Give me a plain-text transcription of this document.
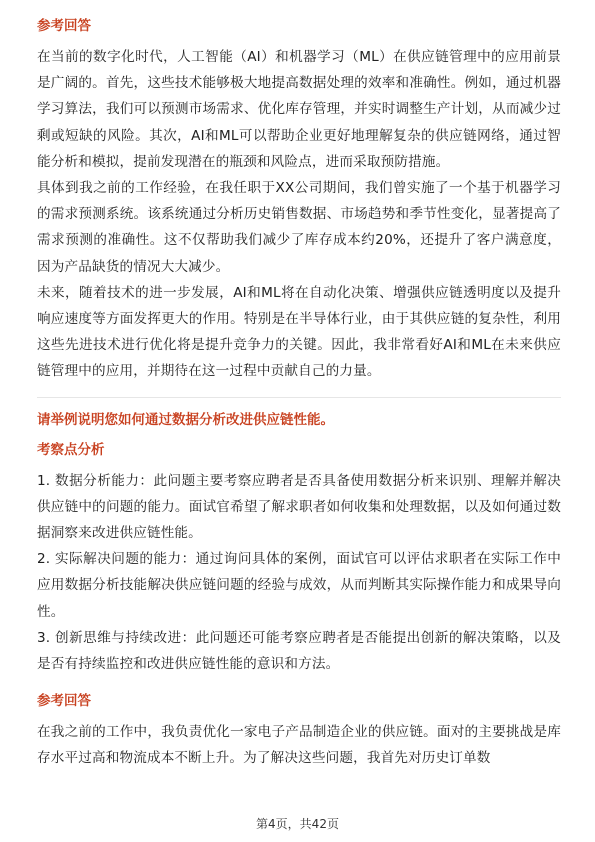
参考回答

在当前的数字化时代，人工智能（AI）和机器学习（ML）在供应链管理中的应用前景是广阔的。首先，这些技术能够极大地提高数据处理的效率和准确性。例如，通过机器学习算法，我们可以预测市场需求、优化库存管理，并实时调整生产计划，从而减少过剩或短缺的风险。其次，AI和ML可以帮助企业更好地理解复杂的供应链网络，通过智能分析和模拟，提前发现潜在的瓶颈和风险点，进而采取预防措施。

具体到我之前的工作经验，在我任职于XX公司期间，我们曾实施了一个基于机器学习的需求预测系统。该系统通过分析历史销售数据、市场趋势和季节性变化，显著提高了需求预测的准确性。这不仅帮助我们减少了库存成本约20%，还提升了客户满意度，因为产品缺货的情况大大减少。

未来，随着技术的进一步发展，AI和ML将在自动化决策、增强供应链透明度以及提升响应速度等方面发挥更大的作用。特别是在半导体行业，由于其供应链的复杂性，利用这些先进技术进行优化将是提升竞争力的关键。因此，我非常看好AI和ML在未来供应链管理中的应用，并期待在这一过程中贡献自己的力量。

请举例说明您如何通过数据分析改进供应链性能。

考察点分析

1. 数据分析能力：此问题主要考察应聘者是否具备使用数据分析来识别、理解并解决供应链中的问题的能力。面试官希望了解求职者如何收集和处理数据，以及如何通过数据洞察来改进供应链性能。

2. 实际解决问题的能力：通过询问具体的案例，面试官可以评估求职者在实际工作中应用数据分析技能解决供应链问题的经验与成效，从而判断其实际操作能力和成果导向性。

3. 创新思维与持续改进：此问题还可能考察应聘者是否能提出创新的解决策略，以及是否有持续监控和改进供应链性能的意识和方法。

参考回答

在我之前的工作中，我负责优化一家电子产品制造企业的供应链。面对的主要挑战是库存水平过高和物流成本不断上升。为了解决这些问题，我首先对历史订单数

第4页，共42页
